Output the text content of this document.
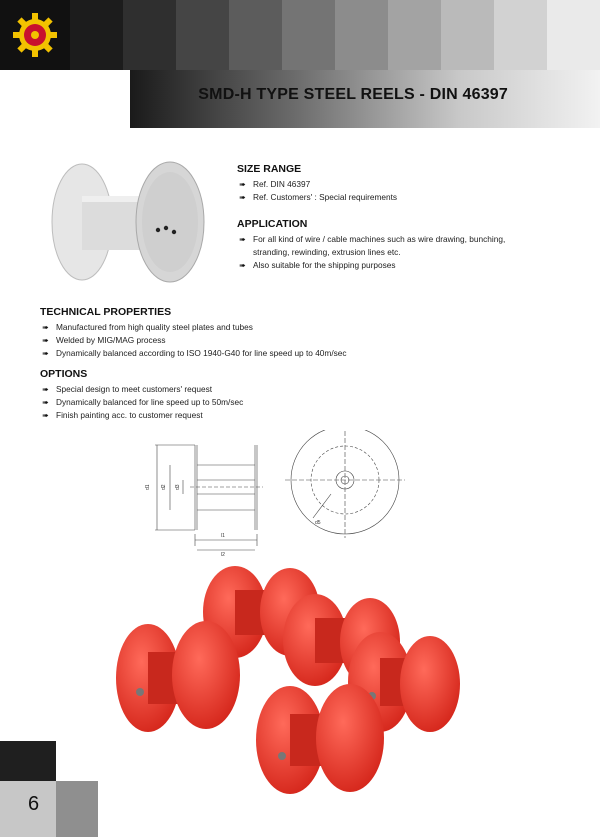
SMD-H TYPE STEEL REELS - DIN 46397
SIZE RANGE
➠ Ref. DIN 46397
➠ Ref. Customers' : Special requirements
APPLICATION
➠ For all kind of wire / cable machines such as wire drawing, bunching,
stranding, rewinding, extrusion lines etc.
➠ Also suitable for the shipping purposes
TECHNICAL PROPERTIES
➠ Manufactured from high quality steel plates and tubes
➠ Welded by MIG/MAG process
➠ Dynamically balanced according to ISO 1940-G40 for line speed up to 40m/sec
OPTIONS
➠ Special design to meet customers' request
➠ Dynamically balanced for line speed up to 50m/sec
➠ Finish painting acc. to customer request
d1 d2 d3
l1
l2
d5
6
